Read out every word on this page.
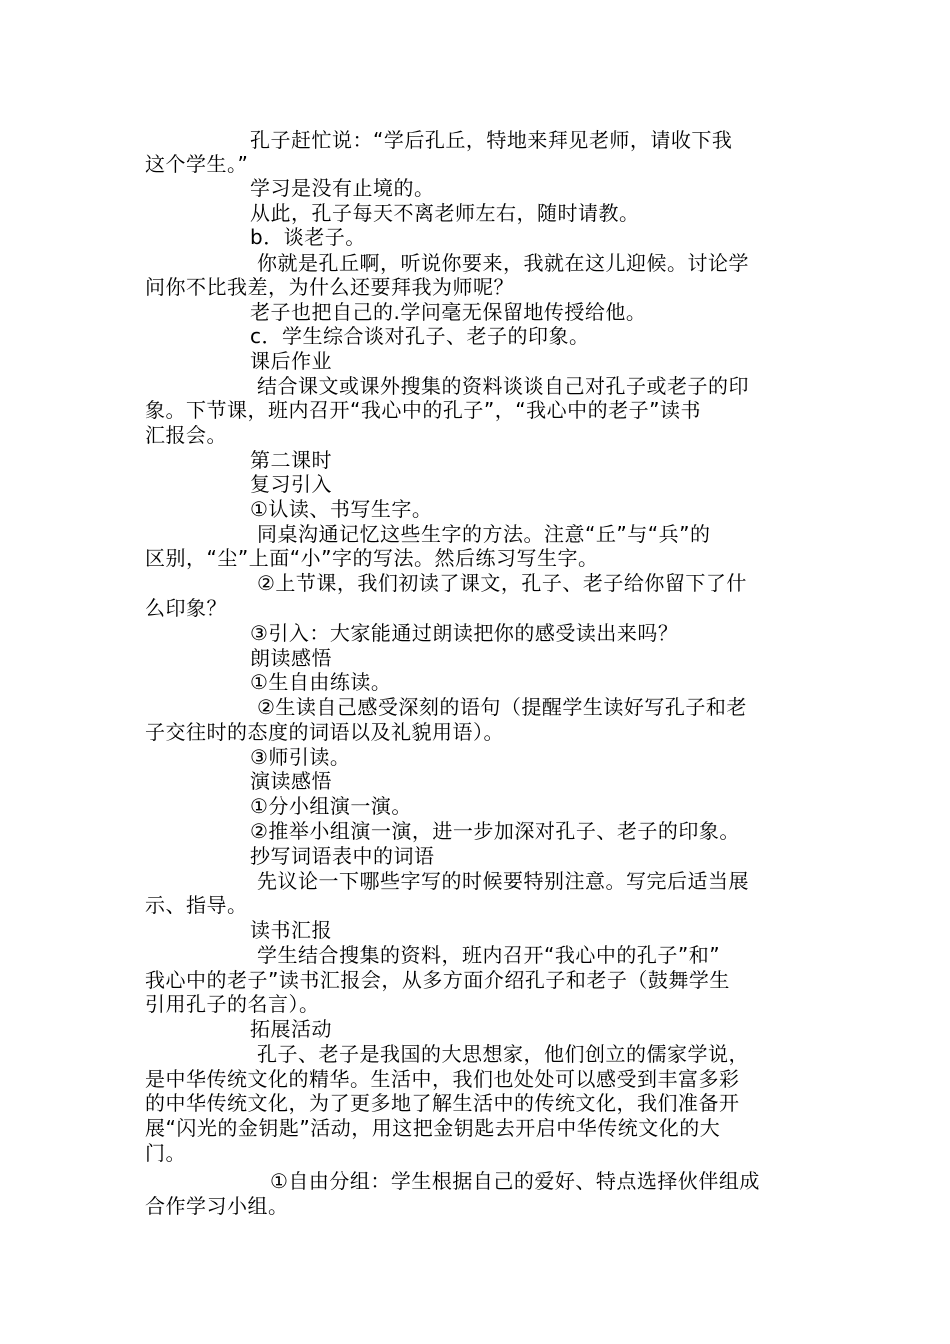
孔子赶忙说：“学后孔丘，特地来拜见老师，请收下我
这个学生。”
学习是没有止境的。
从此，孔子每天不离老师左右，随时请教。
b．谈老子。
你就是孔丘啊，听说你要来，我就在这儿迎候。讨论学
问你不比我差，为什么还要拜我为师呢？
老子也把自己的.学问毫无保留地传授给他。
c．学生综合谈对孔子、老子的印象。
课后作业
结合课文或课外搜集的资料谈谈自己对孔子或老子的印
象。下节课，班内召开“我心中的孔子”，“我心中的老子”读书
汇报会。
第二课时
复习引入
①认读、书写生字。
同桌沟通记忆这些生字的方法。注意“丘”与“兵”的
区别，“尘”上面“小”字的写法。然后练习写生字。
②上节课，我们初读了课文，孔子、老子给你留下了什
么印象？
③引入：大家能通过朗读把你的感受读出来吗？
朗读感悟
①生自由练读。
②生读自己感受深刻的语句（提醒学生读好写孔子和老
子交往时的态度的词语以及礼貌用语）。
③师引读。
演读感悟
①分小组演一演。
②推举小组演一演，进一步加深对孔子、老子的印象。
抄写词语表中的词语
先议论一下哪些字写的时候要特别注意。写完后适当展
示、指导。
读书汇报
学生结合搜集的资料，班内召开“我心中的孔子”和”
我心中的老子”读书汇报会，从多方面介绍孔子和老子（鼓舞学生
引用孔子的名言）。
拓展活动
孔子、老子是我国的大思想家，他们创立的儒家学说，
是中华传统文化的精华。生活中，我们也处处可以感受到丰富多彩
的中华传统文化，为了更多地了解生活中的传统文化，我们准备开
展“闪光的金钥匙”活动，用这把金钥匙去开启中华传统文化的大
门。
①自由分组：学生根据自己的爱好、特点选择伙伴组成
合作学习小组。
